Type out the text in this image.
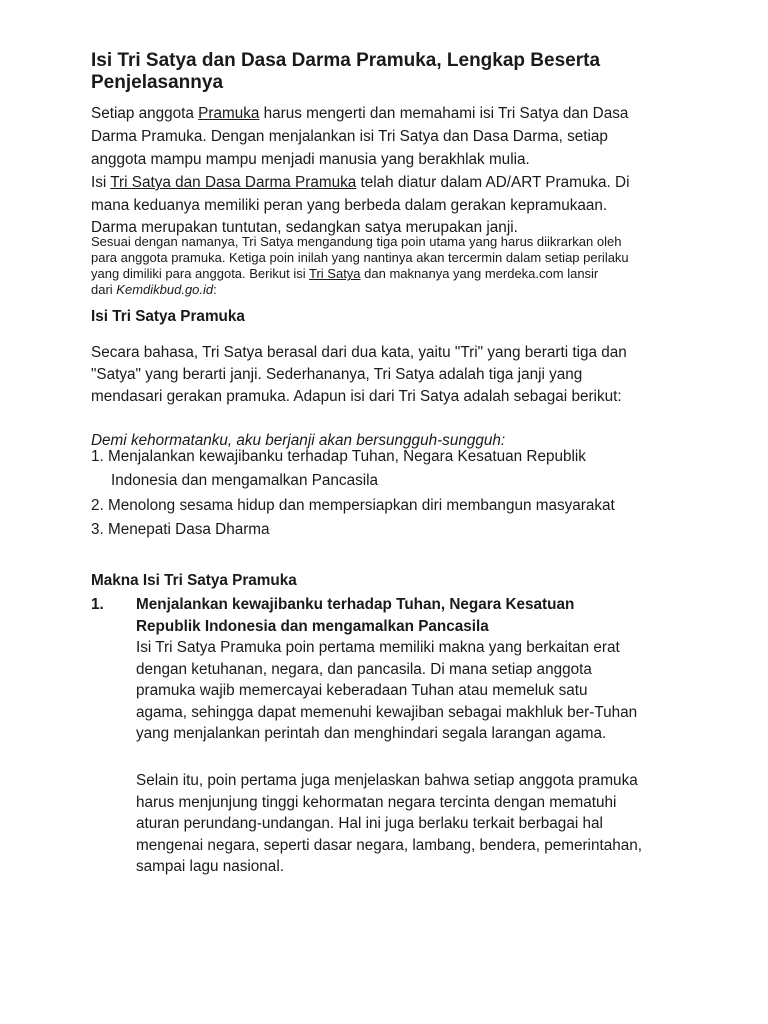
Isi Tri Satya dan Dasa Darma Pramuka, Lengkap Beserta
Penjelasannya

Setiap anggota Pramuka harus mengerti dan memahami isi Tri Satya dan Dasa

Darma Pramuka. Dengan menjalankan isi Tri Satya dan Dasa Darma, setiap

anggota mampu mampu menjadi manusia yang berakhlak mulia.

Isi Tri Satya dan Dasa Darma Pramuka telah diatur dalam AD/ART Pramuka. Di

mana keduanya memiliki peran yang berbeda dalam gerakan kepramukaan.

Darma merupakan tuntutan, sedangkan satya merupakan janji.

Sesuai dengan namanya, Tri Satya mengandung tiga poin utama yang harus diikrarkan oleh

para anggota pramuka. Ketiga poin inilah yang nantinya akan tercermin dalam setiap perilaku

yang dimiliki para anggota. Berikut isi Tri Satya dan maknanya yang merdeka.com lansir

dari Kemdikbud.go.id:

Isi Tri Satya Pramuka

Secara bahasa, Tri Satya berasal dari dua kata, yaitu "Tri" yang berarti tiga dan

"Satya" yang berarti janji. Sederhananya, Tri Satya adalah tiga janji yang

mendasari gerakan pramuka. Adapun isi dari Tri Satya adalah sebagai berikut:

Demi kehormatanku, aku berjanji akan bersungguh-sungguh:

1. Menjalankan kewajibanku terhadap Tuhan, Negara Kesatuan Republik

Indonesia dan mengamalkan Pancasila

2. Menolong sesama hidup dan mempersiapkan diri membangun masyarakat

3. Menepati Dasa Dharma

Makna Isi Tri Satya Pramuka
1. Menjalankan kewajibanku terhadap Tuhan, Negara Kesatuan
Republik Indonesia dan mengamalkan Pancasila

Isi Tri Satya Pramuka poin pertama memiliki makna yang berkaitan erat
dengan ketuhanan, negara, dan pancasila. Di mana setiap anggota
pramuka wajib memercayai keberadaan Tuhan atau memeluk satu
agama, sehingga dapat memenuhi kewajiban sebagai makhluk ber-Tuhan
yang menjalankan perintah dan menghindari segala larangan agama.

Selain itu, poin pertama juga menjelaskan bahwa setiap anggota pramuka
harus menjunjung tinggi kehormatan negara tercinta dengan mematuhi
aturan perundang-undangan. Hal ini juga berlaku terkait berbagai hal
mengenai negara, seperti dasar negara, lambang, bendera, pemerintahan,
sampai lagu nasional.
